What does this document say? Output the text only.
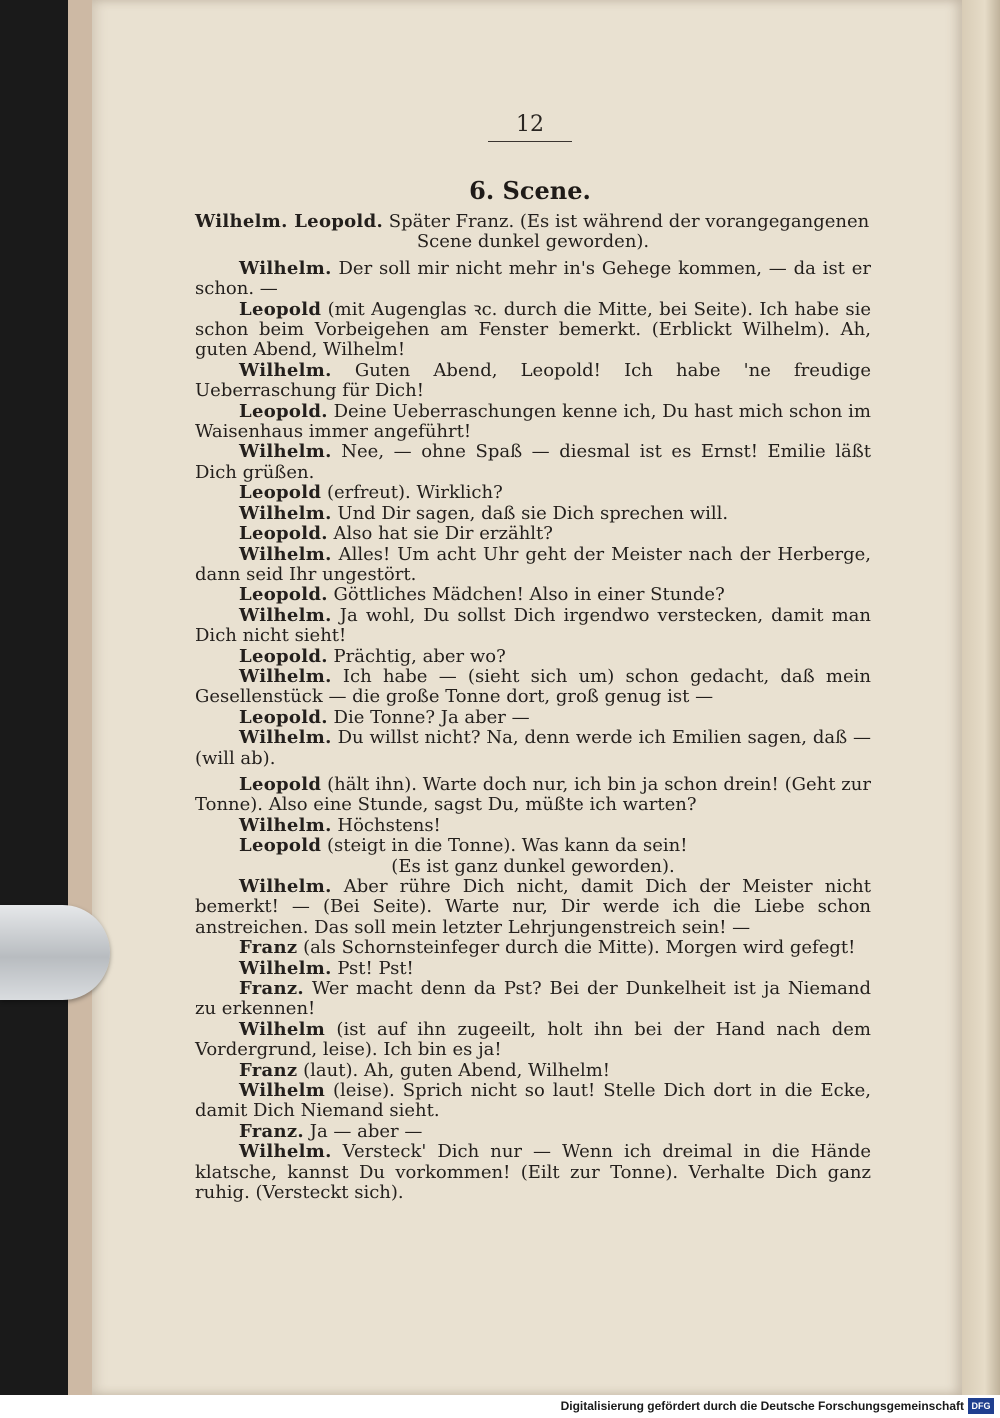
12
6. Scene.

Wilhelm. Leopold. Später Franz. (Es ist während der vorangegangenen

Scene dunkel geworden).

Wilhelm. Der soll mir nicht mehr in's Gehege kommen, — da ist er schon. —

Leopold (mit Augenglas ꝛc. durch die Mitte, bei Seite). Ich habe sie schon beim Vorbeigehen am Fenster bemerkt. (Erblickt Wilhelm). Ah, guten Abend, Wilhelm!

Wilhelm. Guten Abend, Leopold! Ich habe 'ne freudige Ueberraschung für Dich!

Leopold. Deine Ueberraschungen kenne ich, Du hast mich schon im Waisenhaus immer angeführt!

Wilhelm. Nee, — ohne Spaß — diesmal ist es Ernst! Emilie läßt Dich grüßen.

Leopold (erfreut). Wirklich?

Wilhelm. Und Dir sagen, daß sie Dich sprechen will.

Leopold. Also hat sie Dir erzählt?

Wilhelm. Alles! Um acht Uhr geht der Meister nach der Herberge, dann seid Ihr ungestört.

Leopold. Göttliches Mädchen! Also in einer Stunde?

Wilhelm. Ja wohl, Du sollst Dich irgendwo verstecken, damit man Dich nicht sieht!

Leopold. Prächtig, aber wo?

Wilhelm. Ich habe — (sieht sich um) schon gedacht, daß mein Gesellenstück — die große Tonne dort, groß genug ist —

Leopold. Die Tonne? Ja aber —

Wilhelm. Du willst nicht? Na, denn werde ich Emilien sagen, daß — (will ab).

Leopold (hält ihn). Warte doch nur, ich bin ja schon drein! (Geht zur Tonne). Also eine Stunde, sagst Du, müßte ich warten?

Wilhelm. Höchstens!

Leopold (steigt in die Tonne). Was kann da sein!

(Es ist ganz dunkel geworden).

Wilhelm. Aber rühre Dich nicht, damit Dich der Meister nicht bemerkt! — (Bei Seite). Warte nur, Dir werde ich die Liebe schon anstreichen. Das soll mein letzter Lehrjungenstreich sein! —

Franz (als Schornsteinfeger durch die Mitte). Morgen wird gefegt!

Wilhelm. Pst! Pst!

Franz. Wer macht denn da Pst? Bei der Dunkelheit ist ja Niemand zu erkennen!

Wilhelm (ist auf ihn zugeeilt, holt ihn bei der Hand nach dem Vordergrund, leise). Ich bin es ja!

Franz (laut). Ah, guten Abend, Wilhelm!

Wilhelm (leise). Sprich nicht so laut! Stelle Dich dort in die Ecke, damit Dich Niemand sieht.

Franz. Ja — aber —

Wilhelm. Versteck' Dich nur — Wenn ich dreimal in die Hände klatsche, kannst Du vorkommen! (Eilt zur Tonne). Verhalte Dich ganz ruhig. (Versteckt sich).

Digitalisierung gefördert durch die Deutsche Forschungsgemeinschaft DFG
